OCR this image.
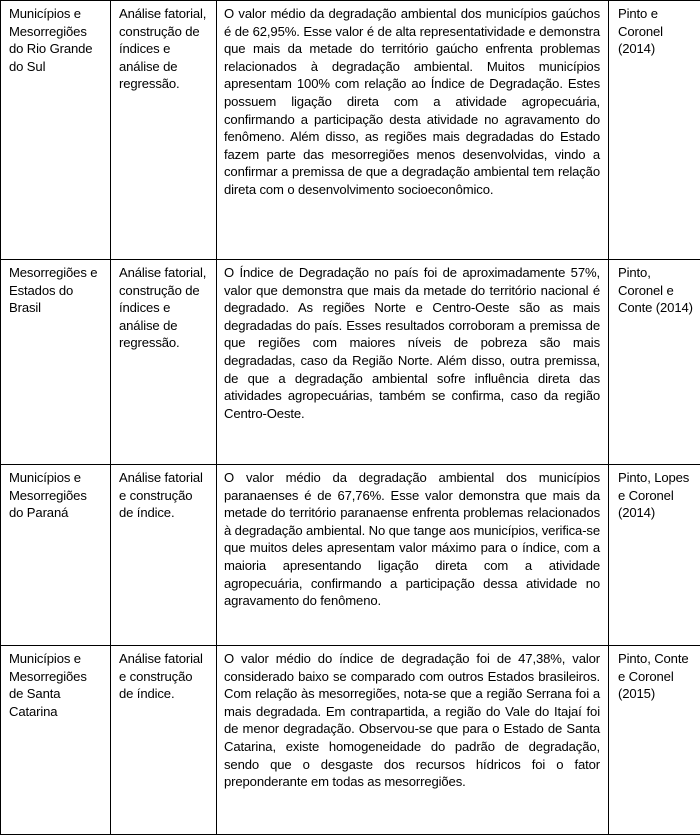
Municípios e Mesorregiões do Rio Grande do Sul	Análise fatorial, construção de índices e análise de regressão.	O valor médio da degradação ambiental dos municípios gaúchos é de 62,95%. Esse valor é de alta representatividade e demonstra que mais da metade do território gaúcho enfrenta problemas relacionados à degradação ambiental. Muitos municípios apresentam 100% com relação ao Índice de Degradação. Estes possuem ligação direta com a atividade agropecuária, confirmando a participação desta atividade no agravamento do fenômeno. Além disso, as regiões mais degradadas do Estado fazem parte das mesorregiões menos desenvolvidas, vindo a confirmar a premissa de que a degradação ambiental tem relação direta com o desenvolvimento socioeconômico.	Pinto e Coronel (2014)
Mesorregiões e Estados do Brasil	Análise fatorial, construção de índices e análise de regressão.	O Índice de Degradação no país foi de aproximadamente 57%, valor que demonstra que mais da metade do território nacional é degradado. As regiões Norte e Centro-Oeste são as mais degradadas do país. Esses resultados corroboram a premissa de que regiões com maiores níveis de pobreza são mais degradadas, caso da Região Norte. Além disso, outra premissa, de que a degradação ambiental sofre influência direta das atividades agropecuárias, também se confirma, caso da região Centro-Oeste.	Pinto, Coronel e Conte (2014)
Municípios e Mesorregiões do Paraná	Análise fatorial e construção de índice.	O valor médio da degradação ambiental dos municípios paranaenses é de 67,76%. Esse valor demonstra que mais da metade do território paranaense enfrenta problemas relacionados à degradação ambiental. No que tange aos municípios, verifica-se que muitos deles apresentam valor máximo para o índice, com a maioria apresentando ligação direta com a atividade agropecuária, confirmando a participação dessa atividade no agravamento do fenômeno.	Pinto, Lopes e Coronel (2014)
Municípios e Mesorregiões de Santa Catarina	Análise fatorial e construção de índice.	O valor médio do índice de degradação foi de 47,38%, valor considerado baixo se comparado com outros Estados brasileiros. Com relação às mesorregiões, nota-se que a região Serrana foi a mais degradada. Em contrapartida, a região do Vale do Itajaí foi de menor degradação. Observou-se que para o Estado de Santa Catarina, existe homogeneidade do padrão de degradação, sendo que o desgaste dos recursos hídricos foi o fator preponderante em todas as mesorregiões.	Pinto, Conte e Coronel (2015)
